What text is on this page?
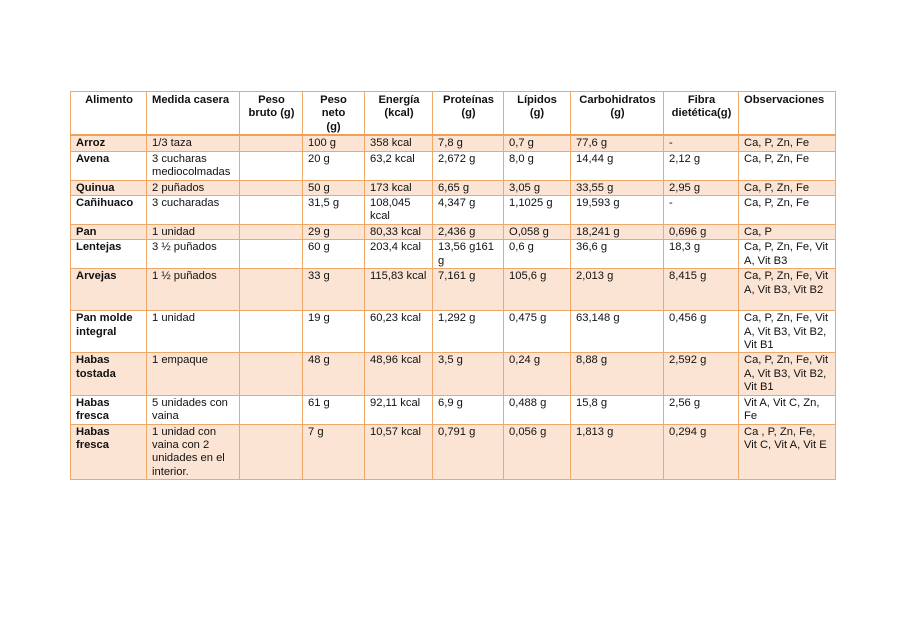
Alimento	Medida casera	Peso bruto (g)	Peso neto (g)	Energía (kcal)	Proteínas (g)	Lípidos (g)	Carbohidratos (g)	Fibra dietética(g)	Observaciones
Arroz	1/3 taza		100 g	358 kcal	7,8 g	0,7 g	77,6 g	-	Ca, P, Zn, Fe
Avena	3 cucharas mediocolmadas		20 g	63,2 kcal	2,672 g	8,0 g	14,44 g	2,12 g	Ca, P, Zn, Fe
Quinua	2 puñados		50 g	173 kcal	6,65 g	3,05 g	33,55 g	2,95 g	Ca, P, Zn, Fe
Cañihuaco	3 cucharadas		31,5 g	108,045 kcal	4,347 g	1,1025 g	19,593 g	-	Ca, P, Zn, Fe
Pan	1 unidad		29 g	80,33 kcal	2,436 g	O,058 g	18,241 g	0,696 g	Ca, P
Lentejas	3 ½ puñados		60 g	203,4 kcal	13,56 g161 g	0,6 g	36,6 g	18,3 g	Ca, P, Zn, Fe, Vit A, Vit B3
Arvejas	1 ½ puñados		33 g	115,83 kcal	7,161 g	105,6 g	2,013 g	8,415 g	Ca, P, Zn, Fe, Vit A, Vit B3, Vit B2
Pan molde integral	1 unidad		19 g	60,23 kcal	1,292 g	0,475 g	63,148 g	0,456 g	Ca, P, Zn, Fe, Vit A, Vit B3, Vit B2, Vit B1
Habas tostada	1 empaque		48 g	48,96 kcal	3,5 g	0,24 g	8,88 g	2,592 g	Ca, P, Zn, Fe, Vit A, Vit B3, Vit B2, Vit B1
Habas fresca	5 unidades con vaina		61 g	92,11 kcal	6,9 g	0,488 g	15,8 g	2,56 g	Vit A, Vit C, Zn, Fe
Habas fresca	1 unidad con vaina con 2 unidades en el interior.		7 g	10,57 kcal	0,791 g	0,056 g	1,813 g	0,294 g	Ca , P, Zn, Fe, Vit C, Vit A, Vit E
